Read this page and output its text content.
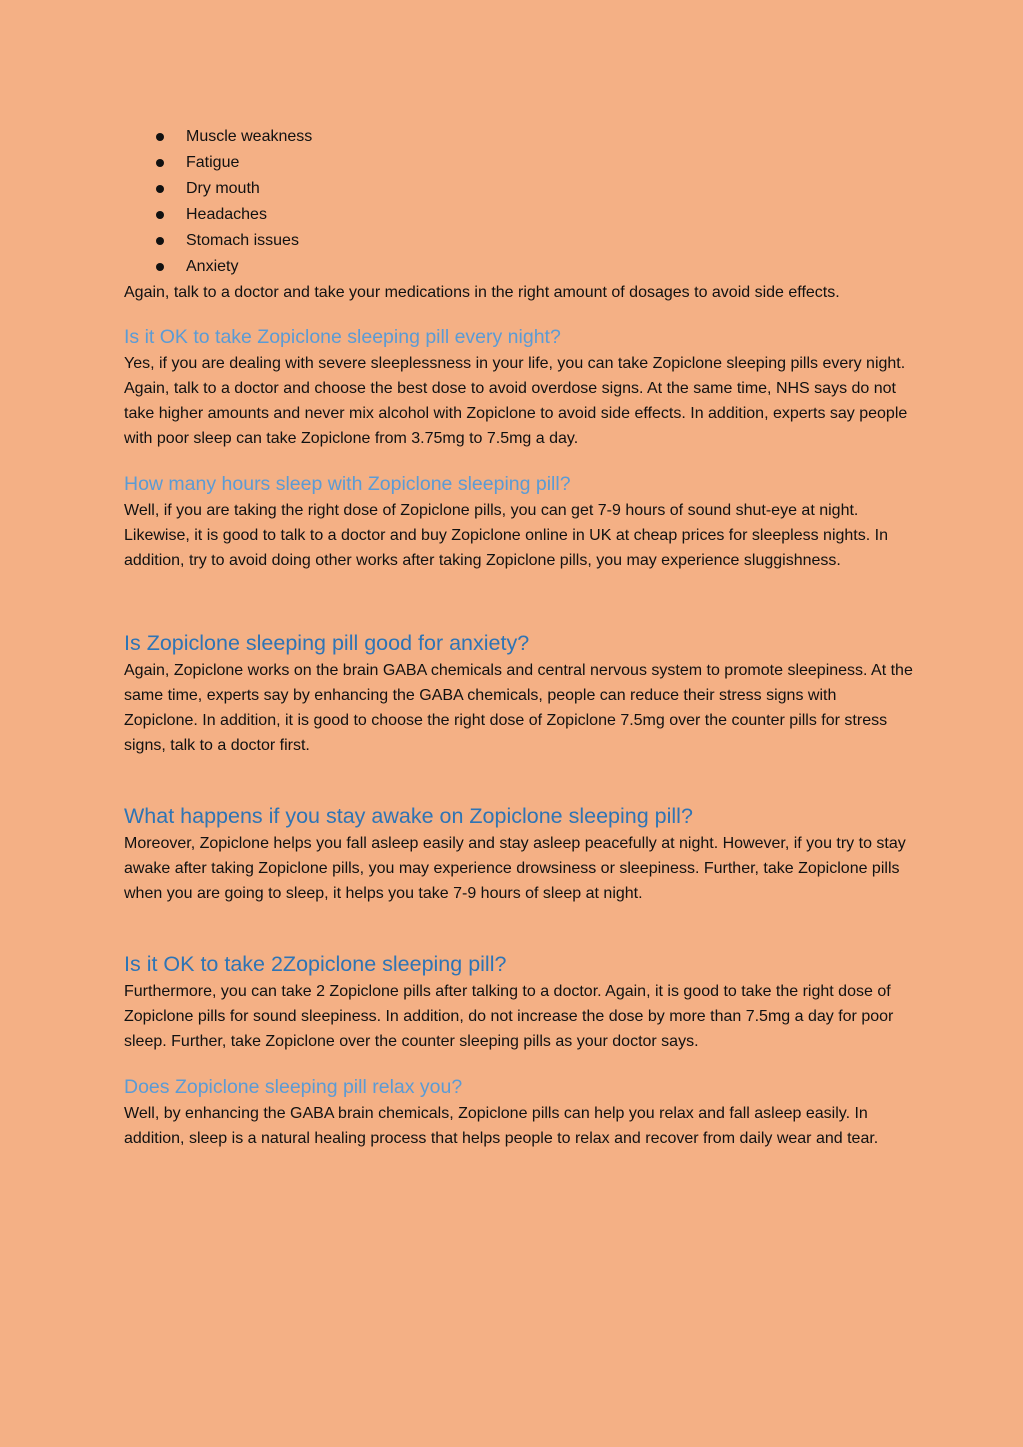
Muscle weakness
Fatigue
Dry mouth
Headaches
Stomach issues
Anxiety

Again, talk to a doctor and take your medications in the right amount of dosages to avoid side effects.

Is it OK to take Zopiclone sleeping pill every night?

Yes, if you are dealing with severe sleeplessness in your life, you can take Zopiclone sleeping pills every night. Again, talk to a doctor and choose the best dose to avoid overdose signs. At the same time, NHS says do not take higher amounts and never mix alcohol with Zopiclone to avoid side effects. In addition, experts say people with poor sleep can take Zopiclone from 3.75mg to 7.5mg a day.

How many hours sleep with Zopiclone sleeping pill?

Well, if you are taking the right dose of Zopiclone pills, you can get 7-9 hours of sound shut-eye at night. Likewise, it is good to talk to a doctor and buy Zopiclone online in UK at cheap prices for sleepless nights. In addition, try to avoid doing other works after taking Zopiclone pills, you may experience sluggishness.

Is Zopiclone sleeping pill good for anxiety?

Again, Zopiclone works on the brain GABA chemicals and central nervous system to promote sleepiness. At the same time, experts say by enhancing the GABA chemicals, people can reduce their stress signs with Zopiclone. In addition, it is good to choose the right dose of Zopiclone 7.5mg over the counter pills for stress signs, talk to a doctor first.

What happens if you stay awake on Zopiclone sleeping pill?

Moreover, Zopiclone helps you fall asleep easily and stay asleep peacefully at night. However, if you try to stay awake after taking Zopiclone pills, you may experience drowsiness or sleepiness. Further, take Zopiclone pills when you are going to sleep, it helps you take 7-9 hours of sleep at night.

Is it OK to take 2Zopiclone sleeping pill?

Furthermore, you can take 2 Zopiclone pills after talking to a doctor. Again, it is good to take the right dose of Zopiclone pills for sound sleepiness. In addition, do not increase the dose by more than 7.5mg a day for poor sleep. Further, take Zopiclone over the counter sleeping pills as your doctor says.

Does Zopiclone sleeping pill relax you?

Well, by enhancing the GABA brain chemicals, Zopiclone pills can help you relax and fall asleep easily. In addition, sleep is a natural healing process that helps people to relax and recover from daily wear and tear.
